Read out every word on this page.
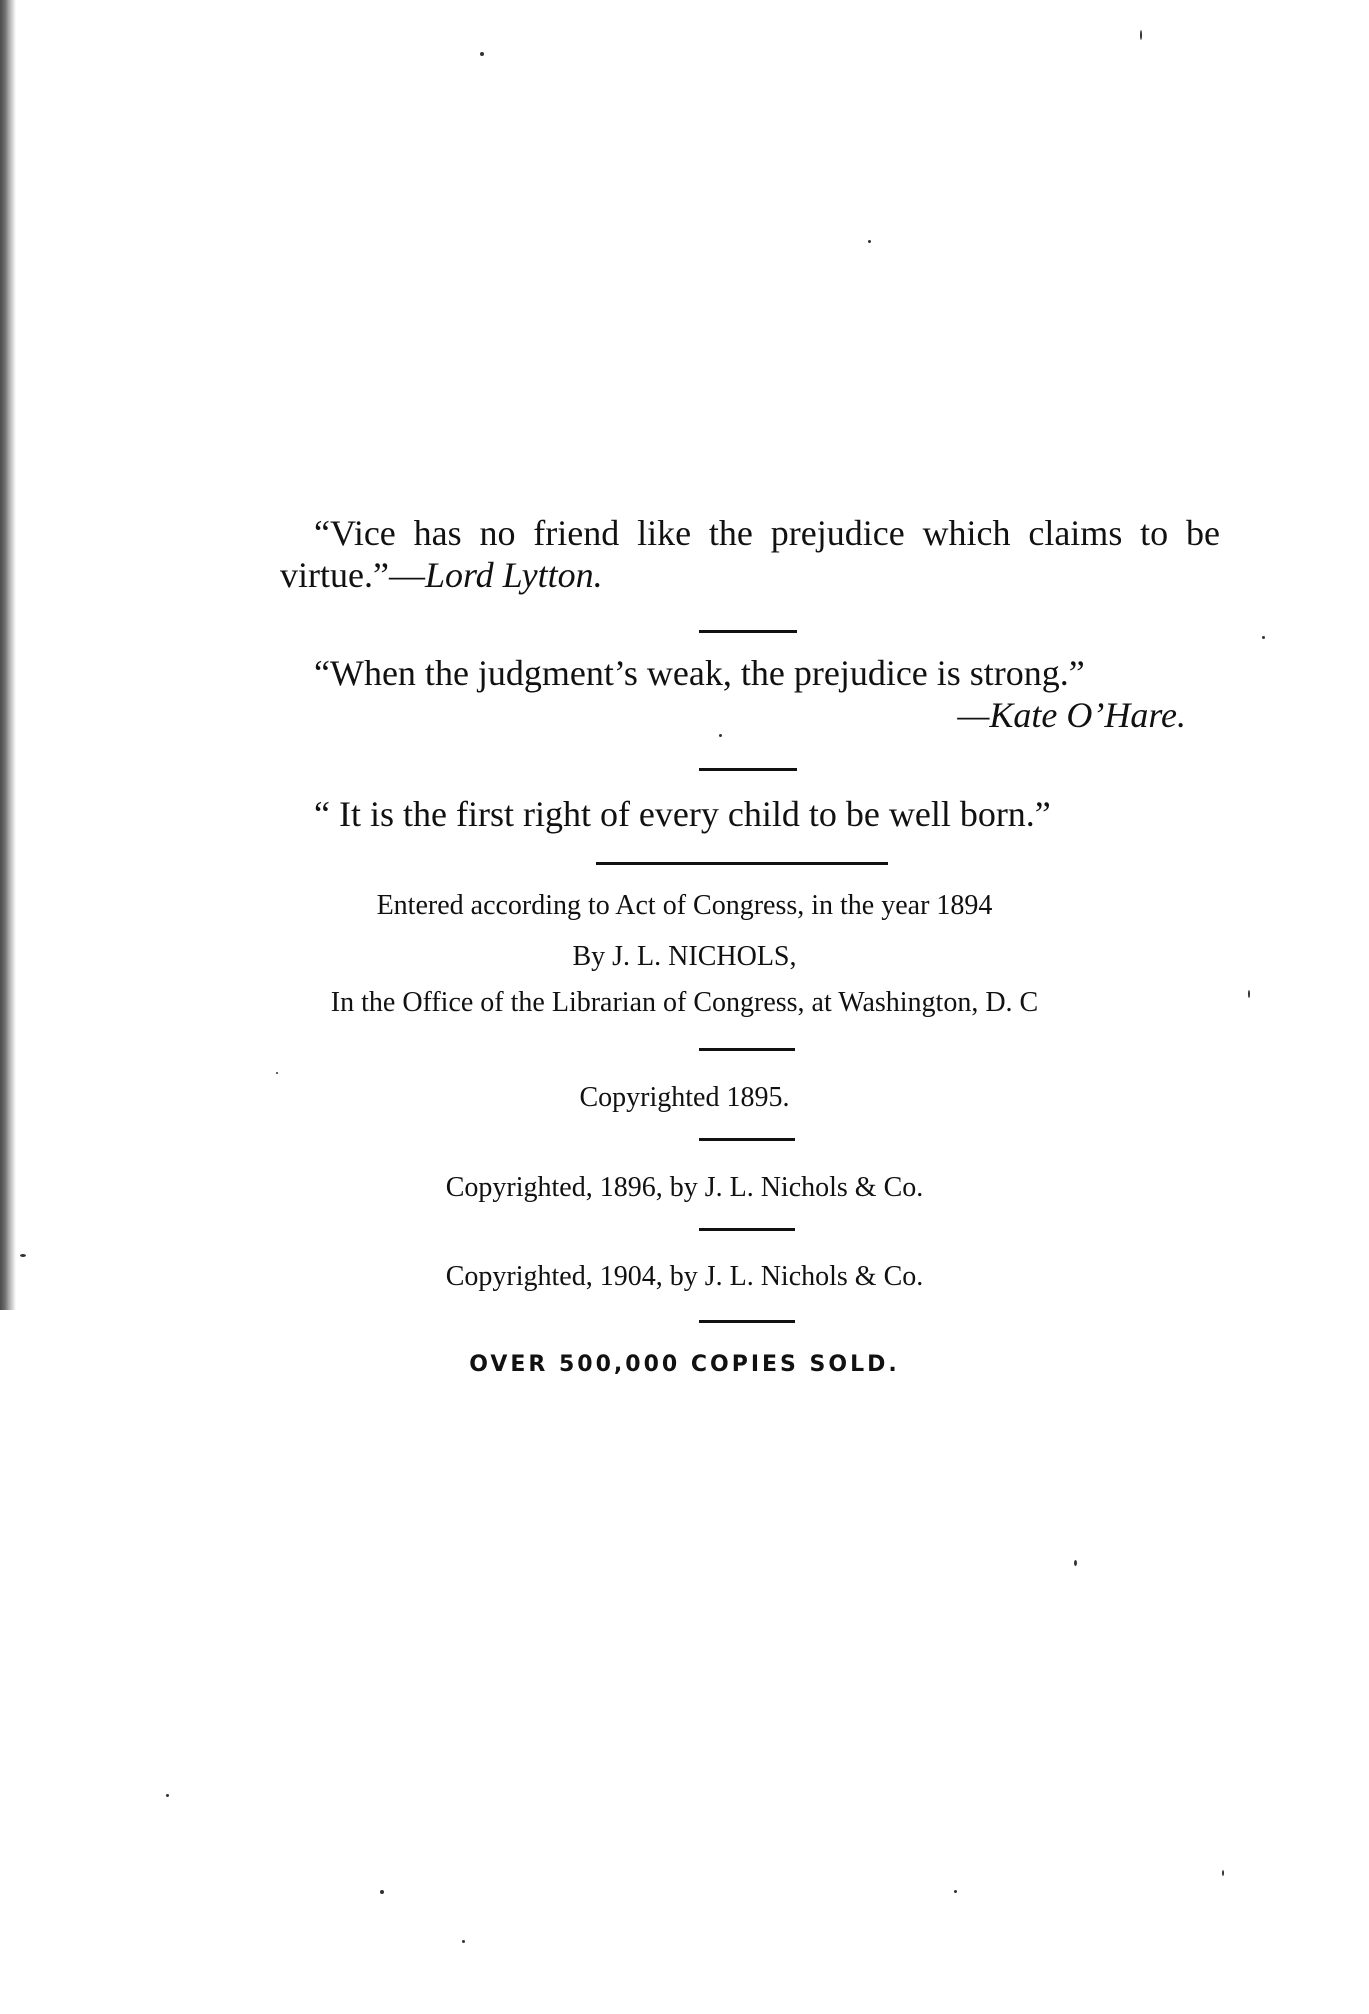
“Vice has no friend like the prejudice which claims to be virtue.”—Lord Lytton.

“When the judgment’s weak, the prejudice is strong.”
—Kate O’Hare.
“ It is the first right of every child to be well born.”
Entered according to Act of Congress, in the year 1894
By J. L. NICHOLS,
In the Office of the Librarian of Congress, at Washington, D. C
Copyrighted 1895.
Copyrighted, 1896, by J. L. Nichols & Co.
Copyrighted, 1904, by J. L. Nichols & Co.
OVER 500,000 COPIES SOLD.
